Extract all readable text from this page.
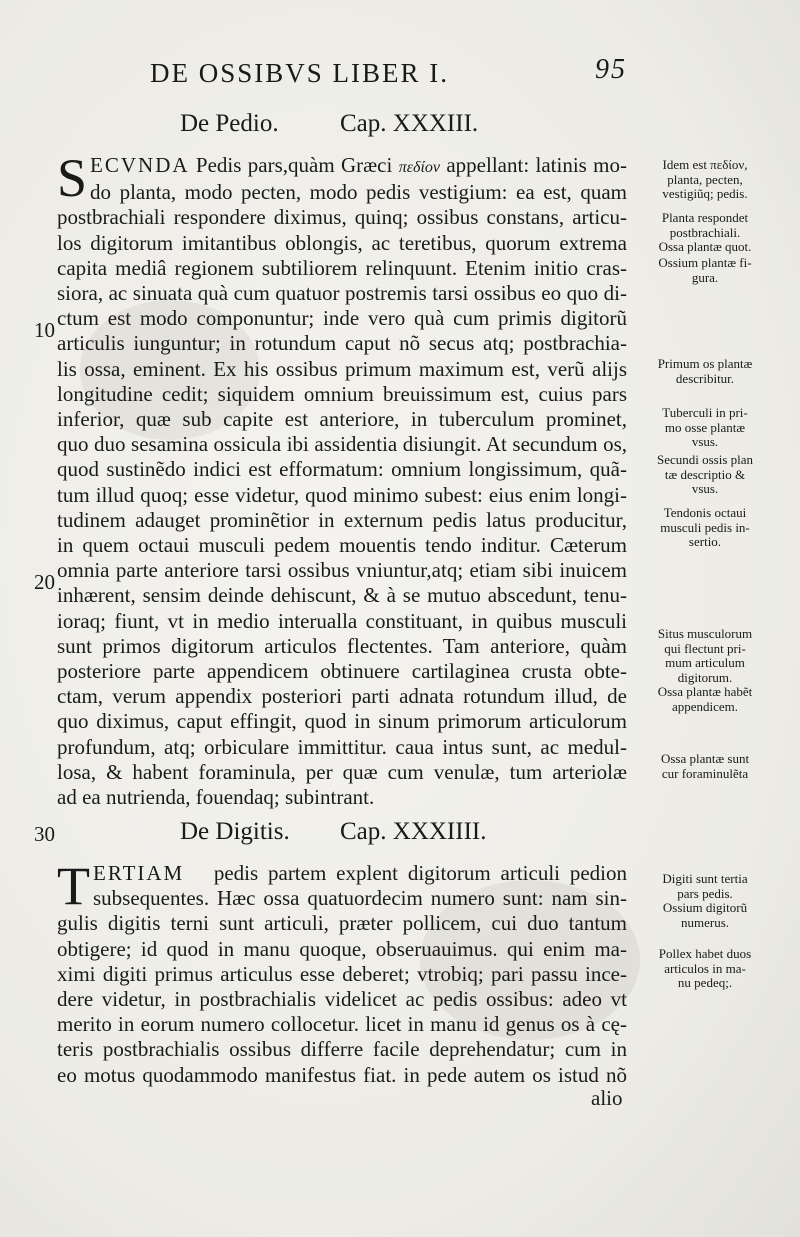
DE OSSIBVS LIBER I.	95
De Pedio. Cap. XXXIII.
S ECVNDA Pedis pars,quàm Græci πεδίον appellant: latinis mo-
do planta, modo pecten, modo pedis vestigium: ea est, quam
postbrachiali respondere diximus, quinq; ossibus constans, articu-
los digitorum imitantibus oblongis, ac teretibus, quorum extrema
capita mediâ regionem subtiliorem relinquunt. Etenim initio cras-
siora, ac sinuata quà cum quatuor postremis tarsi ossibus eo quo di-
ctum est modo componuntur; inde vero quà cum primis digitorũ
articulis iunguntur; in rotundum caput nõ secus atq; postbrachia-
lis ossa, eminent. Ex his ossibus primum maximum est, verũ alijs
longitudine cedit; siquidem omnium breuissimum est, cuius pars
inferior, quæ sub capite est anteriore, in tuberculum prominet,
quo duo sesamina ossicula ibi assidentia disiungit. At secundum os,
quod sustinẽdo indici est efformatum: omnium longissimum, quã-
tum illud quoq; esse videtur, quod minimo subest: eius enim longi-
tudinem adauget prominẽtior in externum pedis latus producitur,
in quem octaui musculi pedem mouentis tendo inditur. Cæterum
omnia parte anteriore tarsi ossibus vniuntur,atq; etiam sibi inuicem
inhærent, sensim deinde dehiscunt, & à se mutuo abscedunt, tenu-
ioraq; fiunt, vt in medio interualla constituant, in quibus musculi
sunt primos digitorum articulos flectentes. Tam anteriore, quàm
posteriore parte appendicem obtinuere cartilaginea crusta obte-
ctam, verum appendix posteriori parti adnata rotundum illud, de
quo diximus, caput effingit, quod in sinum primorum articulorum
profundum, atq; orbiculare immittitur. caua intus sunt, ac medul-
losa, & habent foraminula, per quæ cum venulæ, tum arteriolæ
ad ea nutrienda, fouendaq; subintrant.
10
20
30	De Digitis. Cap. XXXIIII.
T ERTIAM pedis partem explent digitorum articuli pedion
subsequentes. Hæc ossa quatuordecim numero sunt: nam sin-
gulis digitis terni sunt articuli, præter pollicem, cui duo tantum
obtigere; id quod in manu quoque, obseruauimus. qui enim ma-
ximi digiti primus articulus esse deberet; vtrobiq; pari passu ince-
dere videtur, in postbrachialis videlicet ac pedis ossibus: adeo vt
merito in eorum numero collocetur. licet in manu id genus os à cę-
teris postbrachialis ossibus differre facile deprehendatur; cum in
eo motus quodammodo manifestus fiat. in pede autem os istud nõ
alio
Idem est πεδίον,
planta, pecten,
vestigiũq; pedis.
Planta respondet
postbrachiali.
Ossa plantæ quot.
Ossium plantæ fi-
gura.
Primum os plantæ
describitur.
Tuberculi in pri-
mo osse plantæ
vsus.
Secundi ossis plan
tæ descriptio &
vsus.
Tendonis octaui
musculi pedis in-
sertio.
Situs musculorum
qui flectunt pri-
mum articulum
digitorum.
Ossa plantæ habẽt
appendicem.
Ossa plantæ sunt
cur foraminulẽta
Digiti sunt tertia
pars pedis.
Ossium digitorũ
numerus.
Pollex habet duos
articulos in ma-
nu pedeq;.
